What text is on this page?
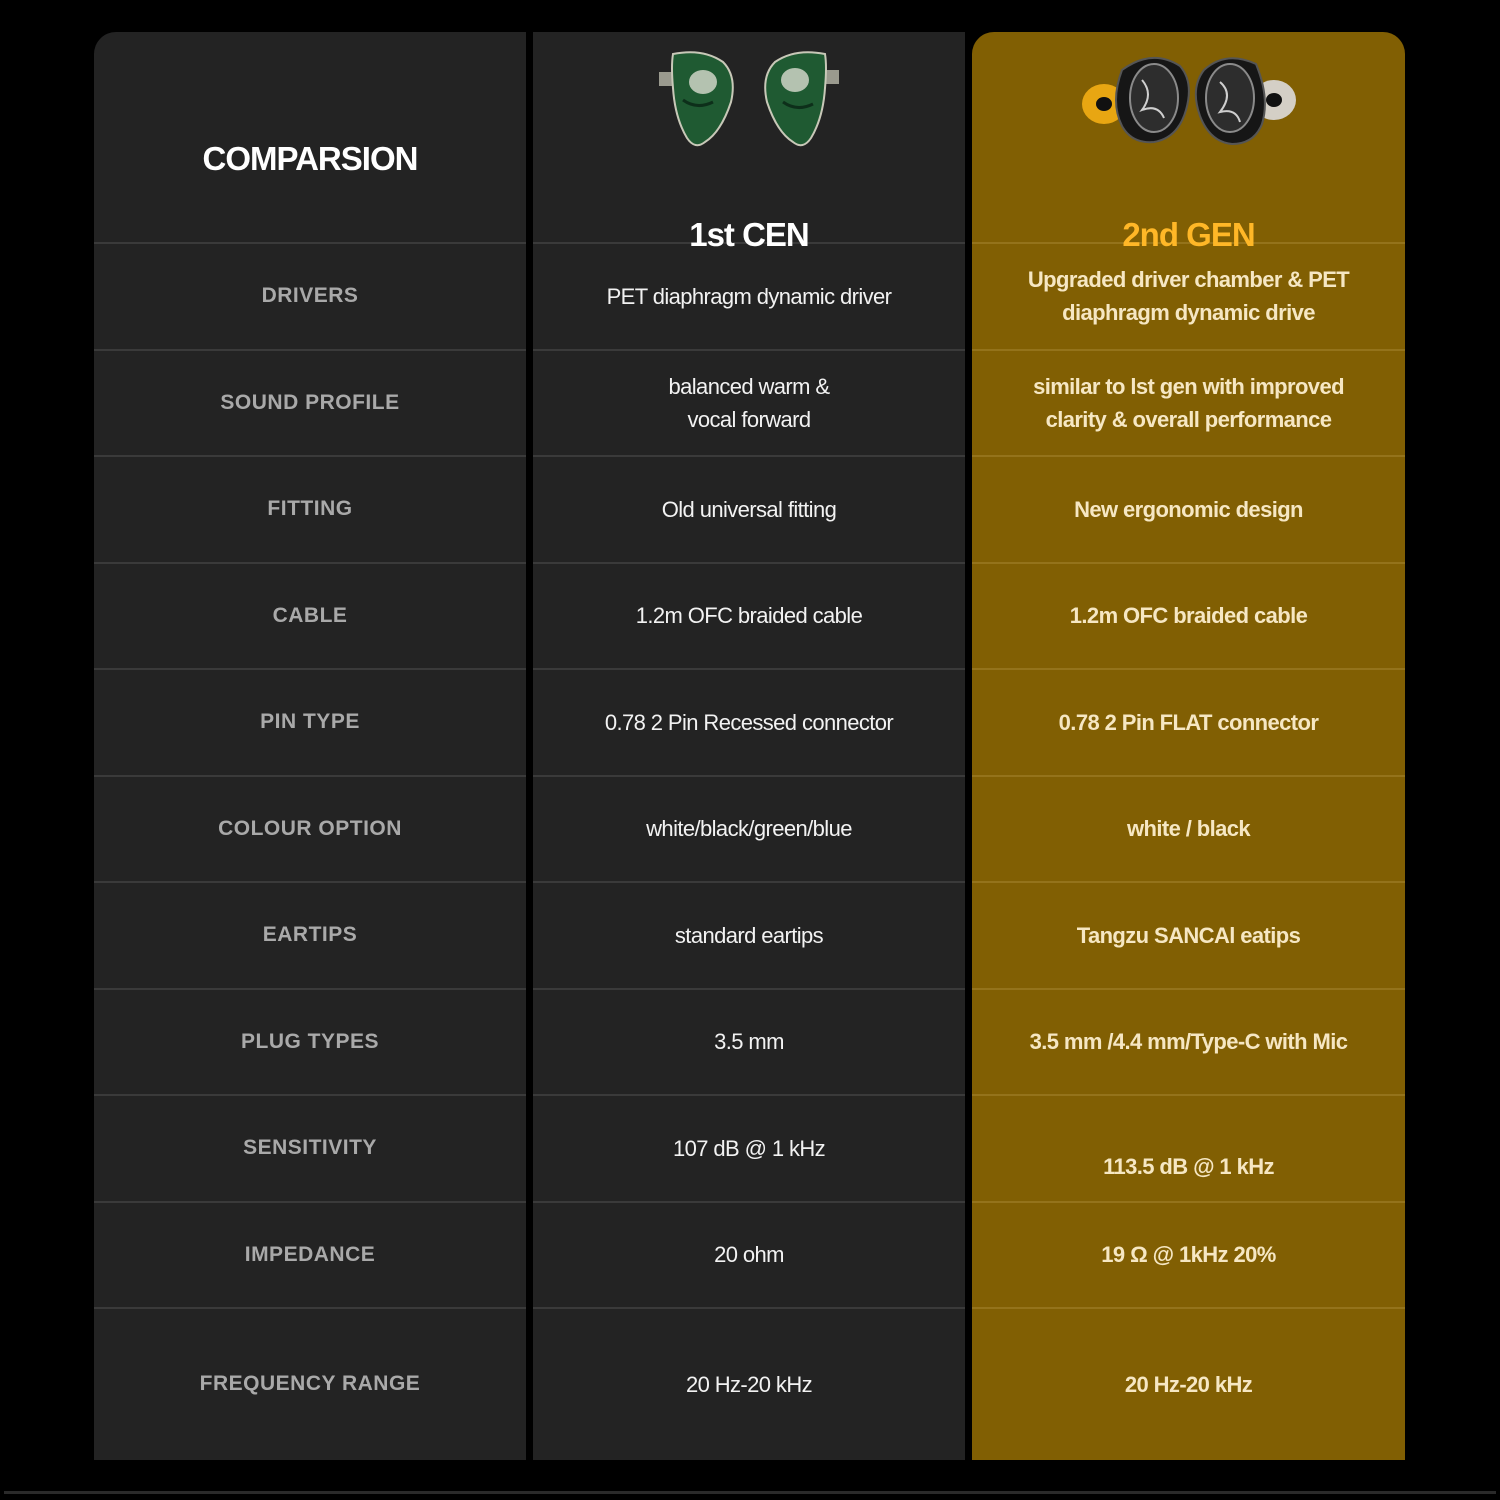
COMPARSION
DRIVERS
SOUND PROFILE
FITTING
CABLE
PIN TYPE
COLOUR OPTION
EARTIPS
PLUG TYPES
SENSITIVITY
IMPEDANCE
FREQUENCY RANGE
1st CEN
PET diaphragm dynamic driver
balanced warm &
vocal forward
Old universal fitting
1.2m OFC braided cable
0.78 2 Pin Recessed connector
white/black/green/blue
standard eartips
3.5 mm
107 dB @ 1 kHz
20 ohm
20 Hz-20 kHz
2nd GEN
Upgraded driver chamber & PET
diaphragm dynamic drive
similar to lst gen with improved
clarity & overall performance
New ergonomic design
1.2m OFC braided cable
0.78 2 Pin FLAT connector
white / black
Tangzu SANCAl eatips
3.5 mm /4.4 mm/Type-C with Mic
113.5 dB @ 1 kHz
19 Ω @ 1kHz 20%
20 Hz-20 kHz
